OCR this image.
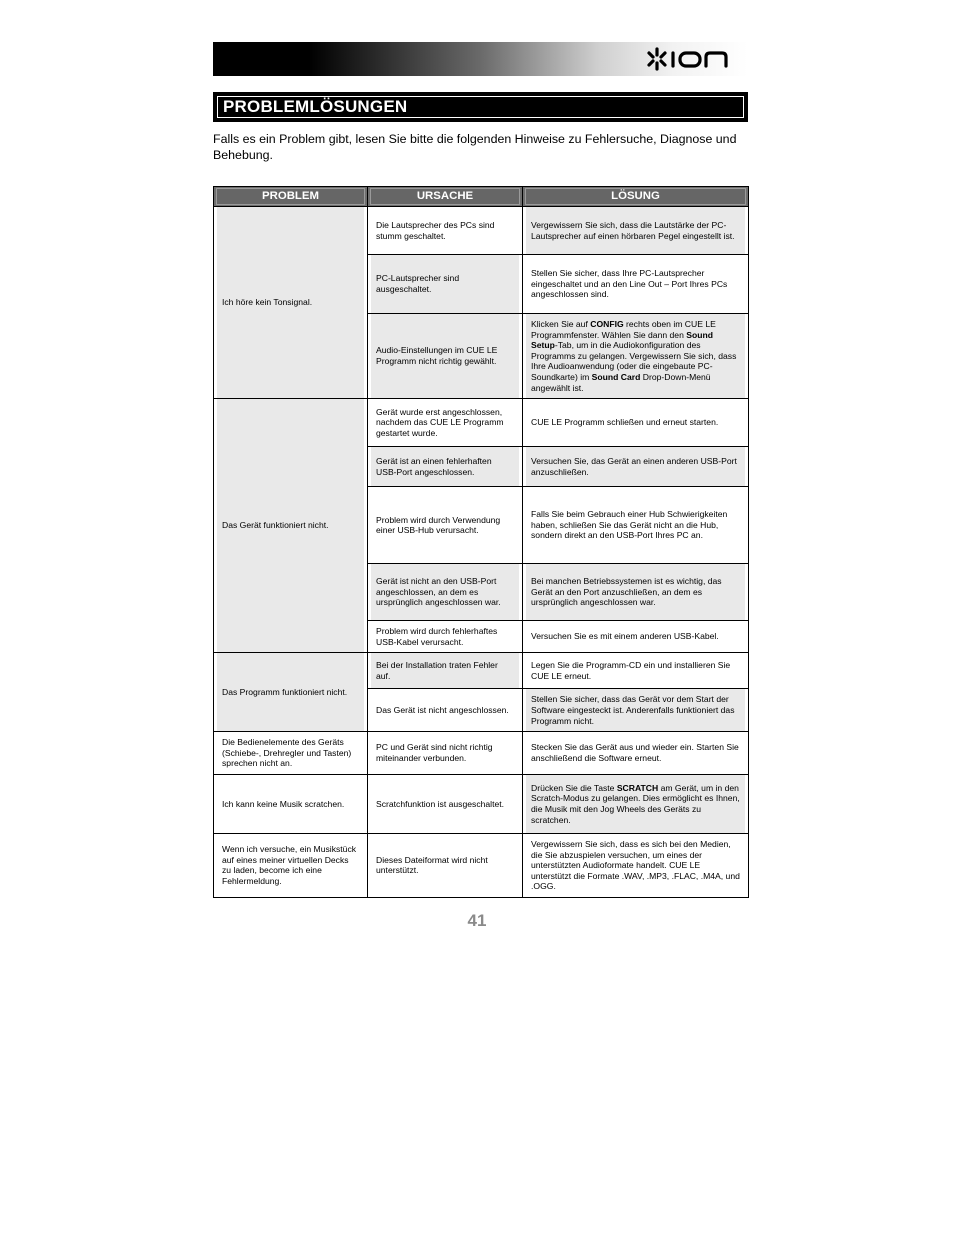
PROBLEMLÖSUNGEN
Falls es ein Problem gibt, lesen Sie bitte die folgenden Hinweise zu Fehlersuche, Diagnose und Behebung.
PROBLEM	URSACHE	LÖSUNG

Ich höre kein Tonsignal.	Die Lautsprecher des PCs sind stumm geschaltet.	Vergewissern Sie sich, dass die Lautstärke der PC-Lautsprecher auf einen hörbaren Pegel eingestellt ist.

PC-Lautsprecher sind ausgeschaltet.	Stellen Sie sicher, dass Ihre PC-Lautsprecher eingeschaltet und an den Line Out – Port Ihres PCs angeschlossen sind.

Audio-Einstellungen im CUE LE Programm nicht richtig gewählt.	Klicken Sie auf CONFIG rechts oben im CUE LE Programmfenster. Wählen Sie dann den Sound Setup-Tab, um in die Audiokonfiguration des Programms zu gelangen. Vergewissern Sie sich, dass Ihre Audioanwendung (oder die eingebaute PC-Soundkarte) im Sound Card Drop-Down-Menü angewählt ist.

Das Gerät funktioniert nicht.	Gerät wurde erst angeschlossen, nachdem das CUE LE Programm gestartet wurde.	CUE LE Programm schließen und erneut starten.

Gerät ist an einen fehlerhaften USB-Port angeschlossen.	Versuchen Sie, das Gerät an einen anderen USB-Port anzuschließen.

Problem wird durch Verwendung einer USB-Hub verursacht.	Falls Sie beim Gebrauch einer Hub Schwierigkeiten haben, schließen Sie das Gerät nicht an die Hub, sondern direkt an den USB-Port Ihres PC an.

Gerät ist nicht an den USB-Port angeschlossen, an dem es ursprünglich angeschlossen war.	Bei manchen Betriebssystemen ist es wichtig, das Gerät an den Port anzuschließen, an dem es ursprünglich angeschlossen war.

Problem wird durch fehlerhaftes USB-Kabel verursacht.	Versuchen Sie es mit einem anderen USB-Kabel.

Das Programm funktioniert nicht.	Bei der Installation traten Fehler auf.	Legen Sie die Programm-CD ein und installieren Sie CUE LE erneut.

Das Gerät ist nicht angeschlossen.	Stellen Sie sicher, dass das Gerät vor dem Start der Software eingesteckt ist. Anderenfalls funktioniert das Programm nicht.

Die Bedienelemente des Geräts (Schiebe-, Drehregler und Tasten) sprechen nicht an.	PC und Gerät sind nicht richtig miteinander verbunden.	Stecken Sie das Gerät aus und wieder ein. Starten Sie anschließend die Software erneut.

Ich kann keine Musik scratchen.	Scratchfunktion ist ausgeschaltet.	Drücken Sie die Taste SCRATCH am Gerät, um in den Scratch-Modus zu gelangen. Dies ermöglicht es Ihnen, die Musik mit den Jog Wheels des Geräts zu scratchen.

Wenn ich versuche, ein Musikstück auf eines meiner virtuellen Decks zu laden, become ich eine Fehlermeldung.	Dieses Dateiformat wird nicht unterstützt.	Vergewissern Sie sich, dass es sich bei den Medien, die Sie abzuspielen versuchen, um eines der unterstützten Audioformate handelt. CUE LE unterstützt die Formate .WAV, .MP3, .FLAC, .M4A, und .OGG.
41
